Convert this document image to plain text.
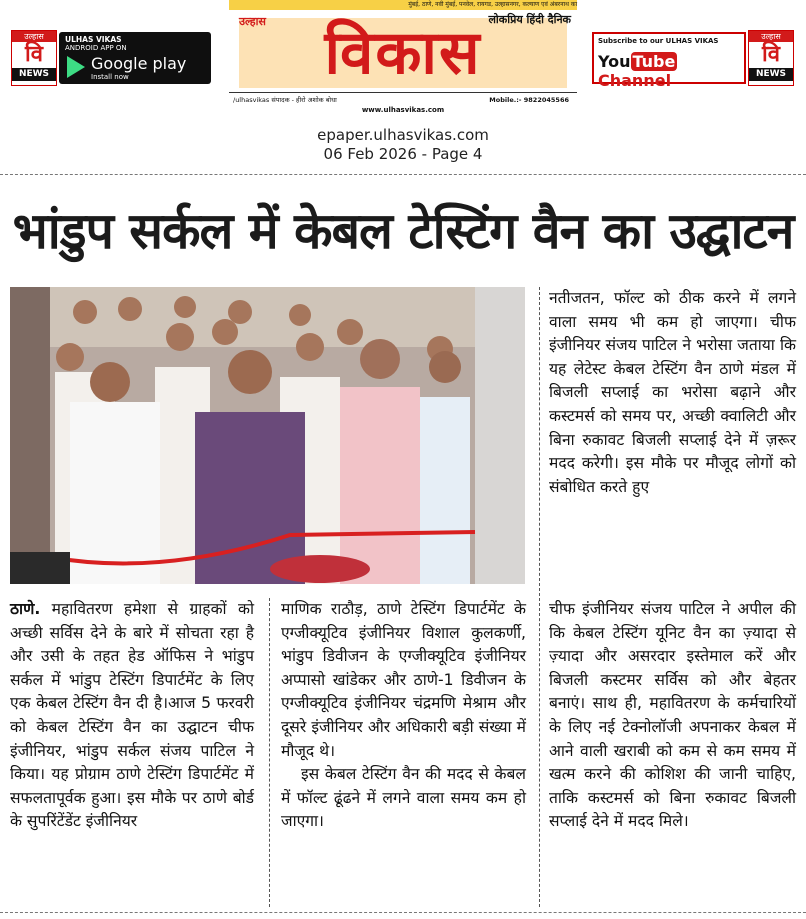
उल्हास
वि
NEWS
ULHAS VIKAS
ANDROID APP ON
Google play
Install now
मुंबई, ठाणे, नवी मुंबई, पनवेल, रायगड, उल्हासनगर, कल्याण एवं अंबरनाथ का
विकास
उल्हास	लोकप्रिय हिंदी दैनिक
/ulhasvikas संपादक - हीरो अशोक बोधा	Mobile.:- 9822045566
www.ulhasvikas.com
Subscribe to our ULHAS VIKAS
You Tube Channel
उल्हास
वि
NEWS
epaper.ulhasvikas.com
06 Feb 2026 - Page 4
भांडुप सर्कल में केबल टेस्टिंग वैन का उद्घाटन

नतीजतन, फॉल्ट को ठीक करने में लगने वाला समय भी कम हो जाएगा। चीफ इंजीनियर संजय पाटिल ने भरोसा जताया कि यह लेटेस्ट केबल टेस्टिंग वैन ठाणे मंडल में बिजली सप्लाई का भरोसा बढ़ाने और कस्टमर्स को समय पर, अच्छी क्वालिटी और बिना रुकावट बिजली सप्लाई देने में ज़रूर मदद करेगी। इस मौके पर मौजूद लोगों को संबोधित करते हुए

ठाणे. महावितरण हमेशा से ग्राहकों को अच्छी सर्विस देने के बारे में सोचता रहा है और उसी के तहत हेड ऑफिस ने भांडुप सर्कल में भांडुप टेस्टिंग डिपार्टमेंट के लिए एक केबल टेस्टिंग वैन दी है।आज 5 फरवरी को केबल टेस्टिंग वैन का उद्घाटन चीफ इंजीनियर, भांडुप सर्कल संजय पाटिल ने किया। यह प्रोग्राम ठाणे टेस्टिंग डिपार्टमेंट में सफलतापूर्वक हुआ। इस मौके पर ठाणे बोर्ड के सुपरिंटेंडेंट इंजीनियर

माणिक राठौड़, ठाणे टेस्टिंग डिपार्टमेंट के एग्जीक्यूटिव इंजीनियर विशाल कुलकर्णी, भांडुप डिवीजन के एग्जीक्यूटिव इंजीनियर अप्पासो खांडेकर और ठाणे-1 डिवीजन के एग्जीक्यूटिव इंजीनियर चंद्रमणि मेश्राम और दूसरे इंजीनियर और अधिकारी बड़ी संख्या में मौजूद थे।

इस केबल टेस्टिंग वैन की मदद से केबल में फॉल्ट ढूंढने में लगने वाला समय कम हो जाएगा।

चीफ इंजीनियर संजय पाटिल ने अपील की कि केबल टेस्टिंग यूनिट वैन का ज़्यादा से ज़्यादा और असरदार इस्तेमाल करें और बिजली कस्टमर सर्विस को और बेहतर बनाएं। साथ ही, महावितरण के कर्मचारियों के लिए नई टेक्नोलॉजी अपनाकर केबल में आने वाली खराबी को कम से कम समय में खत्म करने की कोशिश की जानी चाहिए, ताकि कस्टमर्स को बिना रुकावट बिजली सप्लाई देने में मदद मिले।
